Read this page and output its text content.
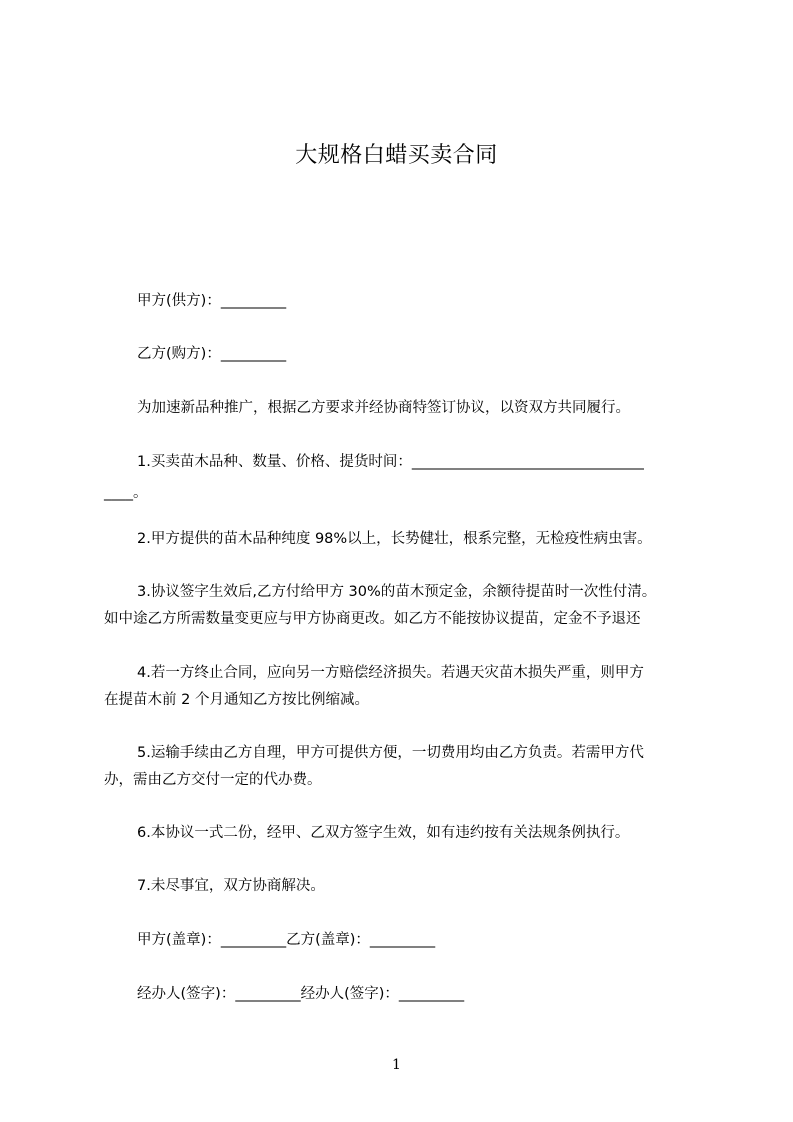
大规格白蜡买卖合同
甲方(供方)：_________
乙方(购方)：_________
为加速新品种推广，根据乙方要求并经协商特签订协议，以资双方共同履行。
1.买卖苗木品种、数量、价格、提货时间：________________________________
____。
2.甲方提供的苗木品种纯度 98%以上，长势健壮，根系完整，无检疫性病虫害。
3.协议签字生效后,乙方付给甲方 30%的苗木预定金，余额待提苗时一次性付清。
如中途乙方所需数量变更应与甲方协商更改。如乙方不能按协议提苗，定金不予退还
4.若一方终止合同，应向另一方赔偿经济损失。若遇天灾苗木损失严重，则甲方
在提苗木前 2 个月通知乙方按比例缩减。
5.运输手续由乙方自理，甲方可提供方便，一切费用均由乙方负责。若需甲方代
办，需由乙方交付一定的代办费。
6.本协议一式二份，经甲、乙双方签字生效，如有违约按有关法规条例执行。
7.未尽事宜，双方协商解决。
甲方(盖章)：_________乙方(盖章)：_________
经办人(签字)：_________经办人(签字)：_________
1
